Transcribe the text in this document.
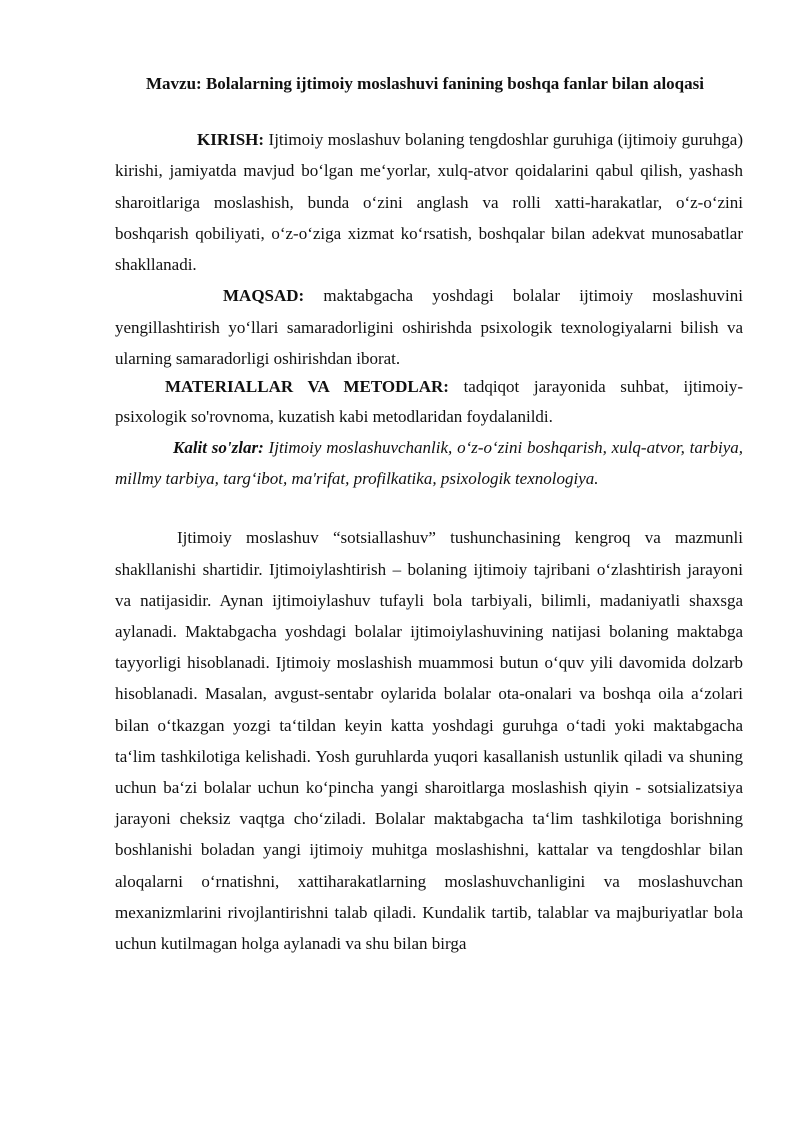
Mavzu: Bolalarning ijtimoiy moslashuvi fanining boshqa fanlar bilan aloqasi

KIRISH: Ijtimoiy moslashuv bolaning tengdoshlar guruhiga (ijtimoiy guruhga) kirishi, jamiyatda mavjud bo‘lgan me‘yorlar, xulq-atvor qoidalarini qabul qilish, yashash sharoitlariga moslashish, bunda o‘zini anglash va rolli xatti-harakatlar, o‘z-o‘zini boshqarish qobiliyati, o‘z-o‘ziga xizmat ko‘rsatish, boshqalar bilan adekvat munosabatlar shakllanadi.

MAQSAD: maktabgacha yoshdagi bolalar ijtimoiy moslashuvini yengillashtirish yo‘llari samaradorligini oshirishda psixologik texnologiyalarni bilish va ularning samaradorligi oshirishdan iborat.

MATERIALLAR VA METODLAR: tadqiqot jarayonida suhbat, ijtimoiy-psixologik so'rovnoma, kuzatish kabi metodlaridan foydalanildi.

Kalit so'zlar: Ijtimoiy moslashuvchanlik, o‘z-o‘zini boshqarish, xulq-atvor, tarbiya, millmy tarbiya, targ‘ibot, ma'rifat, profilkatika, psixologik texnologiya.

Ijtimoiy moslashuv “sotsiallashuv” tushunchasining kengroq va mazmunli shakllanishi shartidir. Ijtimoiylashtirish – bolaning ijtimoiy tajribani o‘zlashtirish jarayoni va natijasidir. Aynan ijtimoiylashuv tufayli bola tarbiyali, bilimli, madaniyatli shaxsga aylanadi. Maktabgacha yoshdagi bolalar ijtimoiylashuvining natijasi bolaning maktabga tayyorligi hisoblanadi. Ijtimoiy moslashish muammosi butun o‘quv yili davomida dolzarb hisoblanadi. Masalan, avgust-sentabr oylarida bolalar ota-onalari va boshqa oila a‘zolari bilan o‘tkazgan yozgi ta‘tildan keyin katta yoshdagi guruhga o‘tadi yoki maktabgacha ta‘lim tashkilotiga kelishadi. Yosh guruhlarda yuqori kasallanish ustunlik qiladi va shuning uchun ba‘zi bolalar uchun ko‘pincha yangi sharoitlarga moslashish qiyin - sotsializatsiya jarayoni cheksiz vaqtga cho‘ziladi. Bolalar maktabgacha ta‘lim tashkilotiga borishning boshlanishi boladan yangi ijtimoiy muhitga moslashishni, kattalar va tengdoshlar bilan aloqalarni o‘rnatishni, xattiharakatlarning moslashuvchanligini va moslashuvchan mexanizmlarini rivojlantirishni talab qiladi. Kundalik tartib, talablar va majburiyatlar bola uchun kutilmagan holga aylanadi va shu bilan birga
